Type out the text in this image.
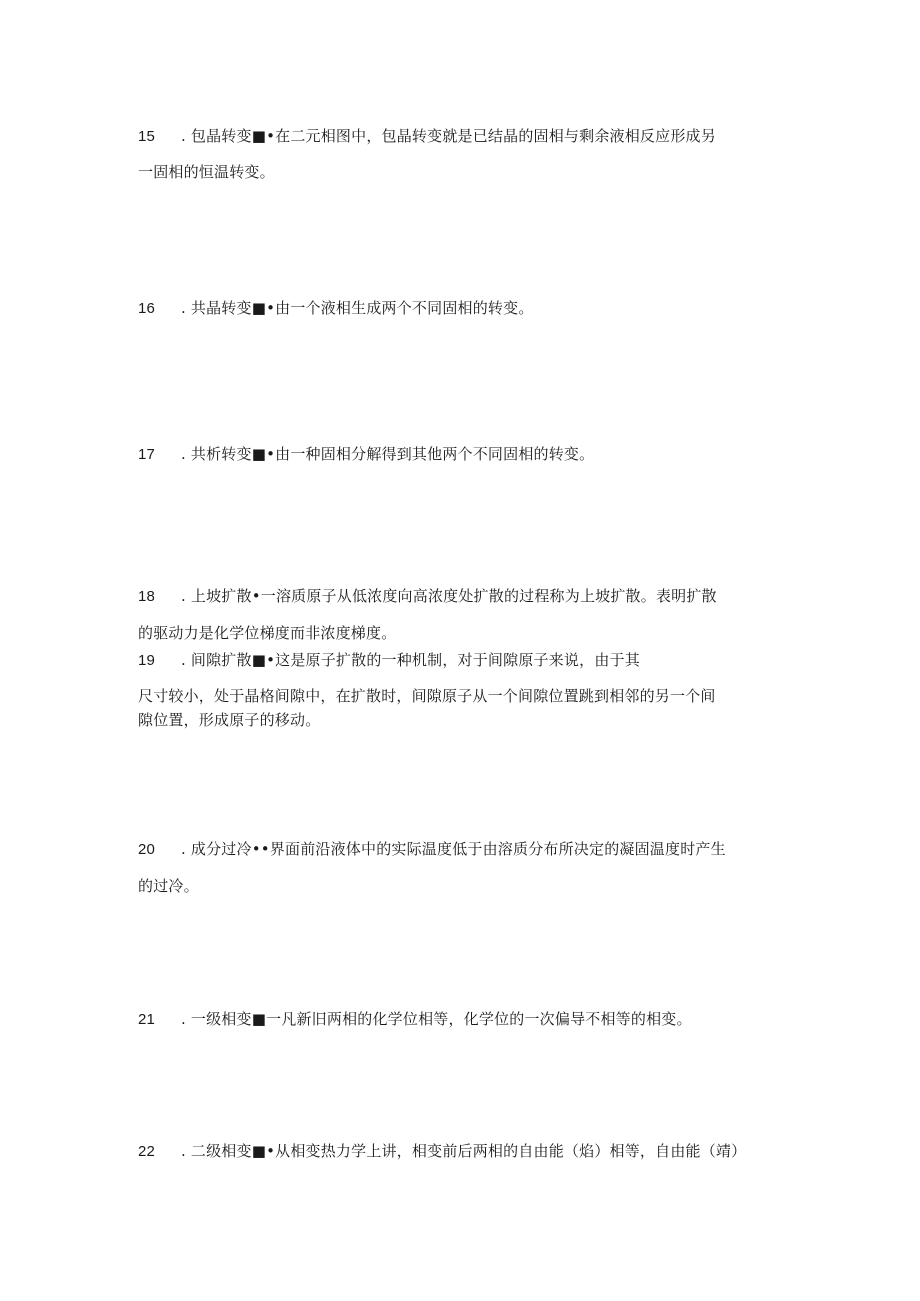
15 . 包晶转变■•在二元相图中，包晶转变就是已结晶的固相与剩余液相反应形成另
一固相的恒温转变。
16 . 共晶转变■•由一个液相生成两个不同固相的转变。
17 . 共析转变■•由一种固相分解得到其他两个不同固相的转变。
18 . 上坡扩散•一溶质原子从低浓度向高浓度处扩散的过程称为上坡扩散。表明扩散
的驱动力是化学位梯度而非浓度梯度。
19 . 间隙扩散■•这是原子扩散的一种机制，对于间隙原子来说，由于其
尺寸较小，处于晶格间隙中，在扩散时，间隙原子从一个间隙位置跳到相邻的另一个间
隙位置，形成原子的移动。
20 . 成分过冷••界面前沿液体中的实际温度低于由溶质分布所决定的凝固温度时产生
的过冷。
21 . 一级相变■一凡新旧两相的化学位相等，化学位的一次偏导不相等的相变。
22 . 二级相变■•从相变热力学上讲，相变前后两相的自由能（焰）相等，自由能（靖）
